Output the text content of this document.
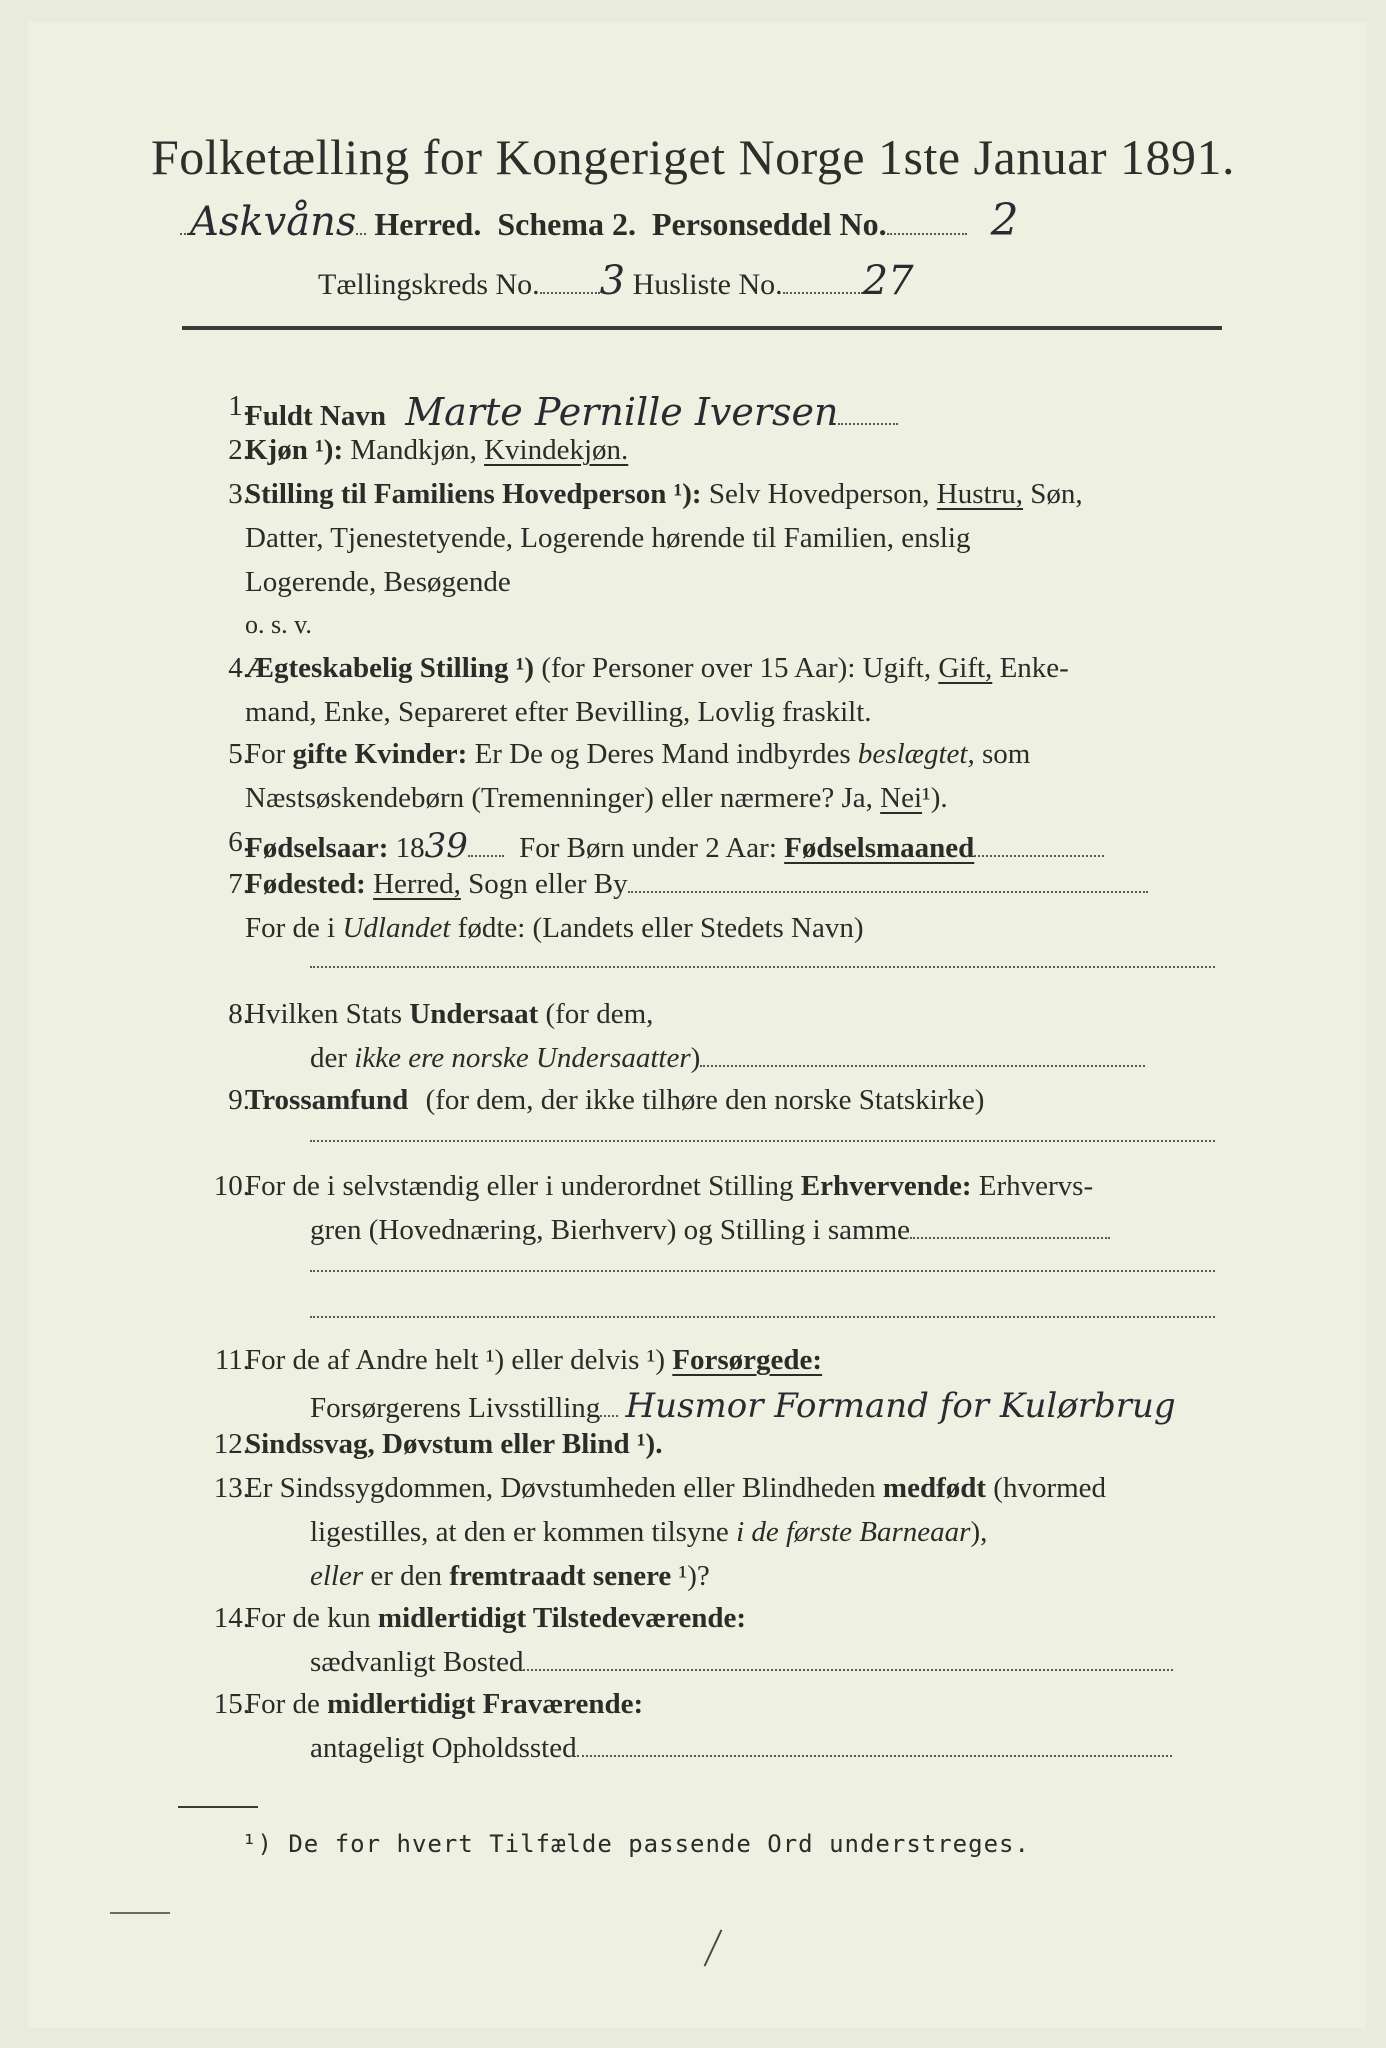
Folketælling for Kongeriget Norge 1ste Januar 1891.
Askvåns Herred. Schema 2. Personseddel No. 2
Tællingskreds No. 3 Husliste No. 27
1.
Fuldt Navn Marte Pernille Iversen
2.
Kjøn ¹): Mandkjøn, Kvindekjøn.
3.
Stilling til Familiens Hovedperson ¹): Selv Hovedperson, Hustru, Søn,
Datter, Tjenestetyende, Logerende hørende til Familien, enslig
Logerende, Besøgende
o. s. v.
4.
Ægteskabelig Stilling ¹) (for Personer over 15 Aar): Ugift, Gift, Enke-
mand, Enke, Separeret efter Bevilling, Lovlig fraskilt.
5.
For gifte Kvinder: Er De og Deres Mand indbyrdes beslægtet, som
Næstsøskendebørn (Tremenninger) eller nærmere? Ja, Nei¹).
6.
Fødselsaar: 1839 For Børn under 2 Aar: Fødselsmaaned
7.
Fødested: Herred, Sogn eller By
For de i Udlandet fødte: (Landets eller Stedets Navn)
8.
Hvilken Stats Undersaat (for dem,
der ikke ere norske Undersaatter)
9.
Trossamfund (for dem, der ikke tilhøre den norske Statskirke)
10.
For de i selvstændig eller i underordnet Stilling Erhvervende: Erhvervs-
gren (Hovednæring, Bierhverv) og Stilling i samme
11.
For de af Andre helt ¹) eller delvis ¹) Forsørgede:
Forsørgerens Livsstilling Husmor Formand for Kulørbrug
12.
Sindssvag, Døvstum eller Blind ¹).
13.
Er Sindssygdommen, Døvstumheden eller Blindheden medfødt (hvormed
ligestilles, at den er kommen tilsyne i de første Barneaar),
eller er den fremtraadt senere ¹)?
14.
For de kun midlertidigt Tilstedeværende:
sædvanligt Bosted
15.
For de midlertidigt Fraværende:
antageligt Opholdssted
¹) De for hvert Tilfælde passende Ord understreges.
